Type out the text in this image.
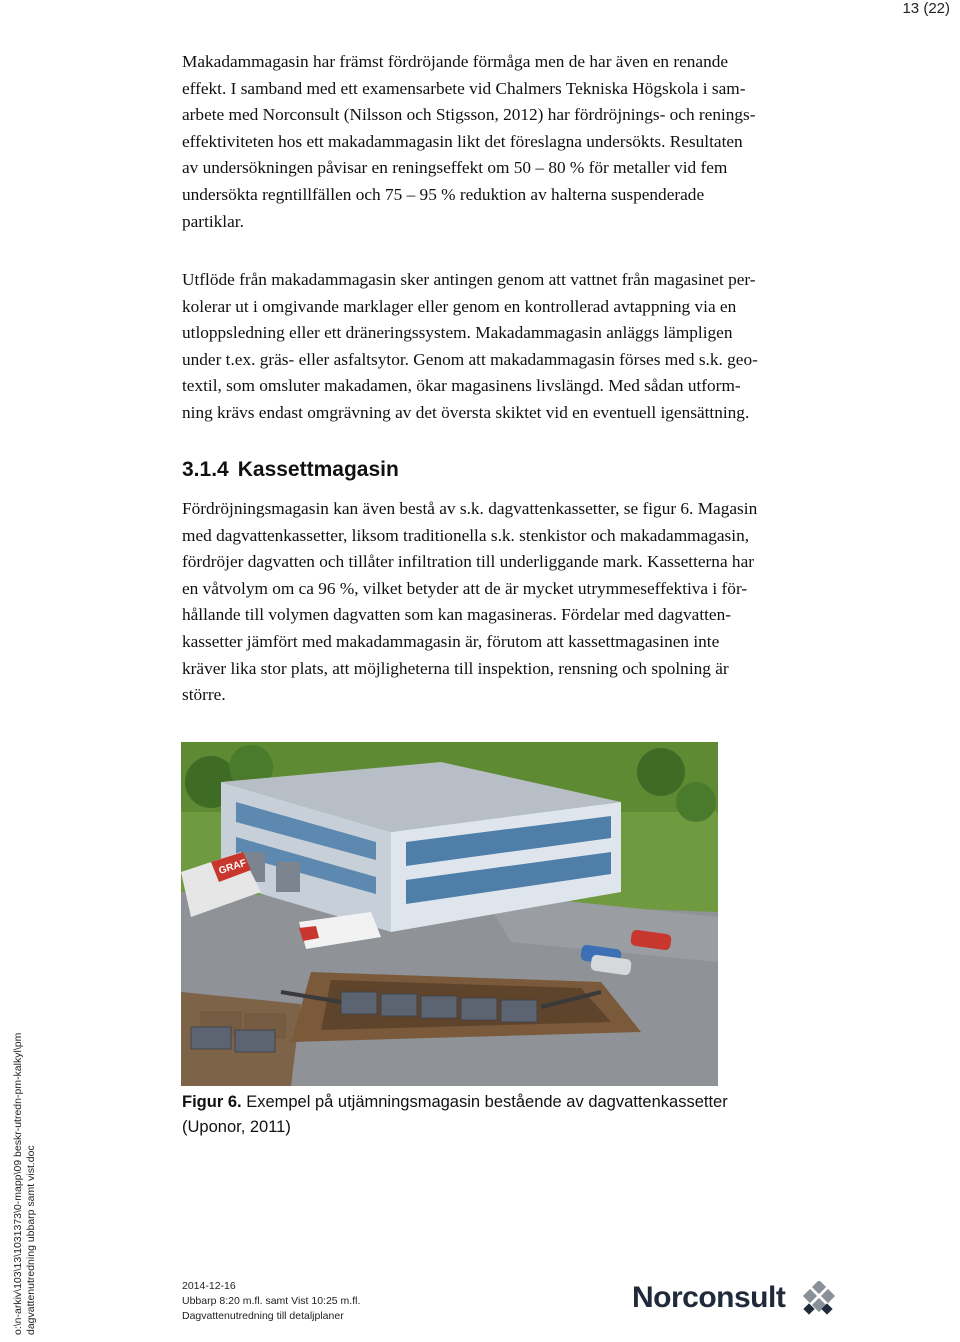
13 (22)
Makadammagasin har främst fördröjande förmåga men de har även en renande
effekt. I samband med ett examensarbete vid Chalmers Tekniska Högskola i sam-
arbete med Norconsult (Nilsson och Stigsson, 2012) har fördröjnings- och renings-
effektiviteten hos ett makadammagasin likt det föreslagna undersökts. Resultaten
av undersökningen påvisar en reningseffekt om 50 – 80 % för metaller vid fem
undersökta regntillfällen och 75 – 95 % reduktion av halterna suspenderade
partiklar.
Utflöde från makadammagasin sker antingen genom att vattnet från magasinet per-
kolerar ut i omgivande marklager eller genom en kontrollerad avtappning via en
utloppsledning eller ett dräneringssystem. Makadammagasin anläggs lämpligen
under t.ex. gräs- eller asfaltsytor. Genom att makadammagasin förses med s.k. geo-
textil, som omsluter makadamen, ökar magasinens livslängd. Med sådan utform-
ning krävs endast omgrävning av det översta skiktet vid en eventuell igensättning.
3.1.4 Kassettmagasin
Fördröjningsmagasin kan även bestå av s.k. dagvattenkassetter, se figur 6. Magasin
med dagvattenkassetter, liksom traditionella s.k. stenkistor och makadammagasin,
fördröjer dagvatten och tillåter infiltration till underliggande mark. Kassetterna har
en våtvolym om ca 96 %, vilket betyder att de är mycket utrymmeseffektiva i för-
hållande till volymen dagvatten som kan magasineras. Fördelar med dagvatten-
kassetter jämfört med makadammagasin är, förutom att kassettmagasinen inte
kräver lika stor plats, att möjligheterna till inspektion, rensning och spolning är
större.
GRAF
Figur 6. Exempel på utjämningsmagasin bestående av dagvattenkassetter
(Uponor, 2011)
2014-12-16
Ubbarp 8:20 m.fl. samt Vist 10:25 m.fl.
Dagvattenutredning till detaljplaner
o:\n-arkiv\103\13\1031373\0-mapp\09 beskr-utredn-pm-kalkyl\pm dagvattenutredning ubbarp samt vist.doc	Norconsult
